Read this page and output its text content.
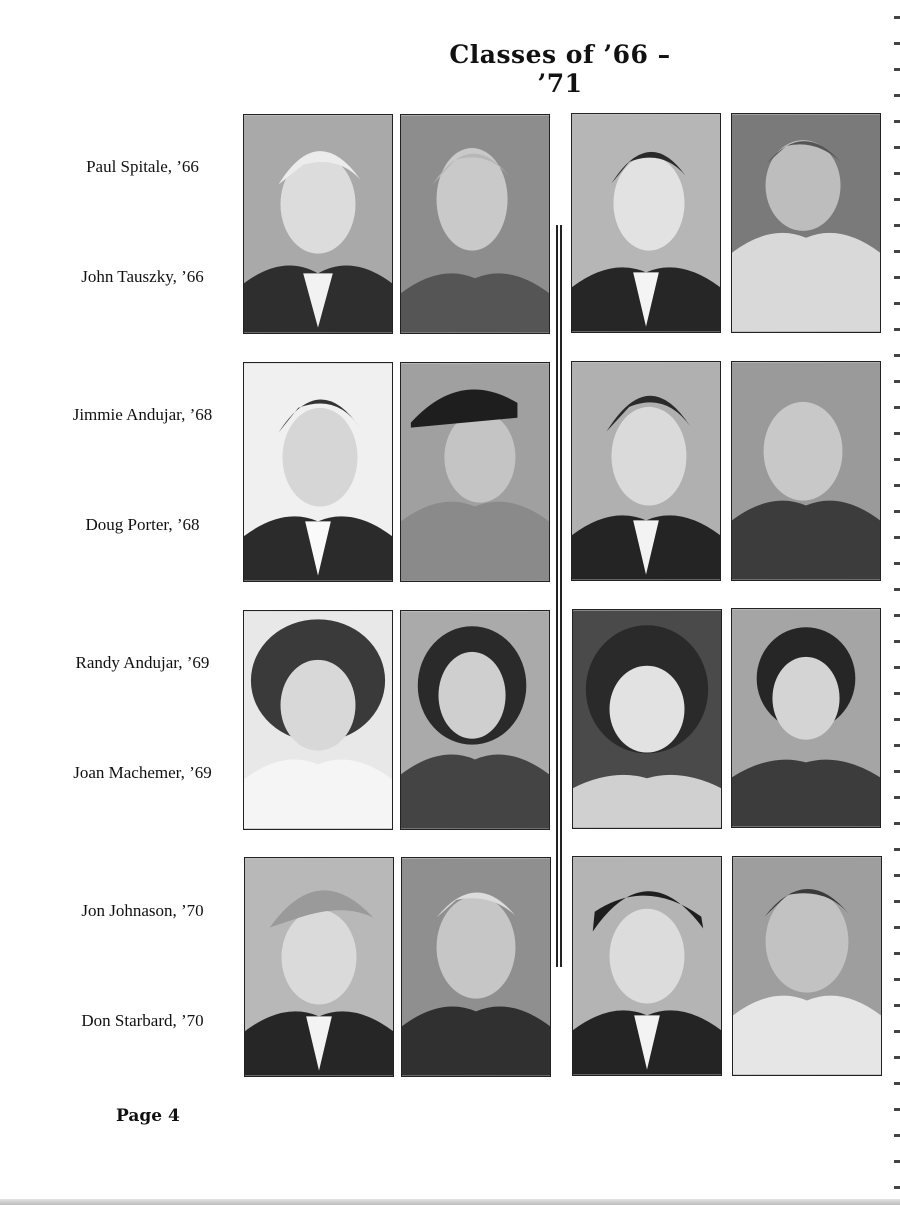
Classes of ’66 – ’71
Paul Spitale, ’66
John Tauszky, ’66
Jimmie Andujar, ’68
Doug Porter, ’68
Randy Andujar, ’69
Joan Machemer, ’69
Jon Johnason, ’70
Don Starbard, ’70
Page 4
